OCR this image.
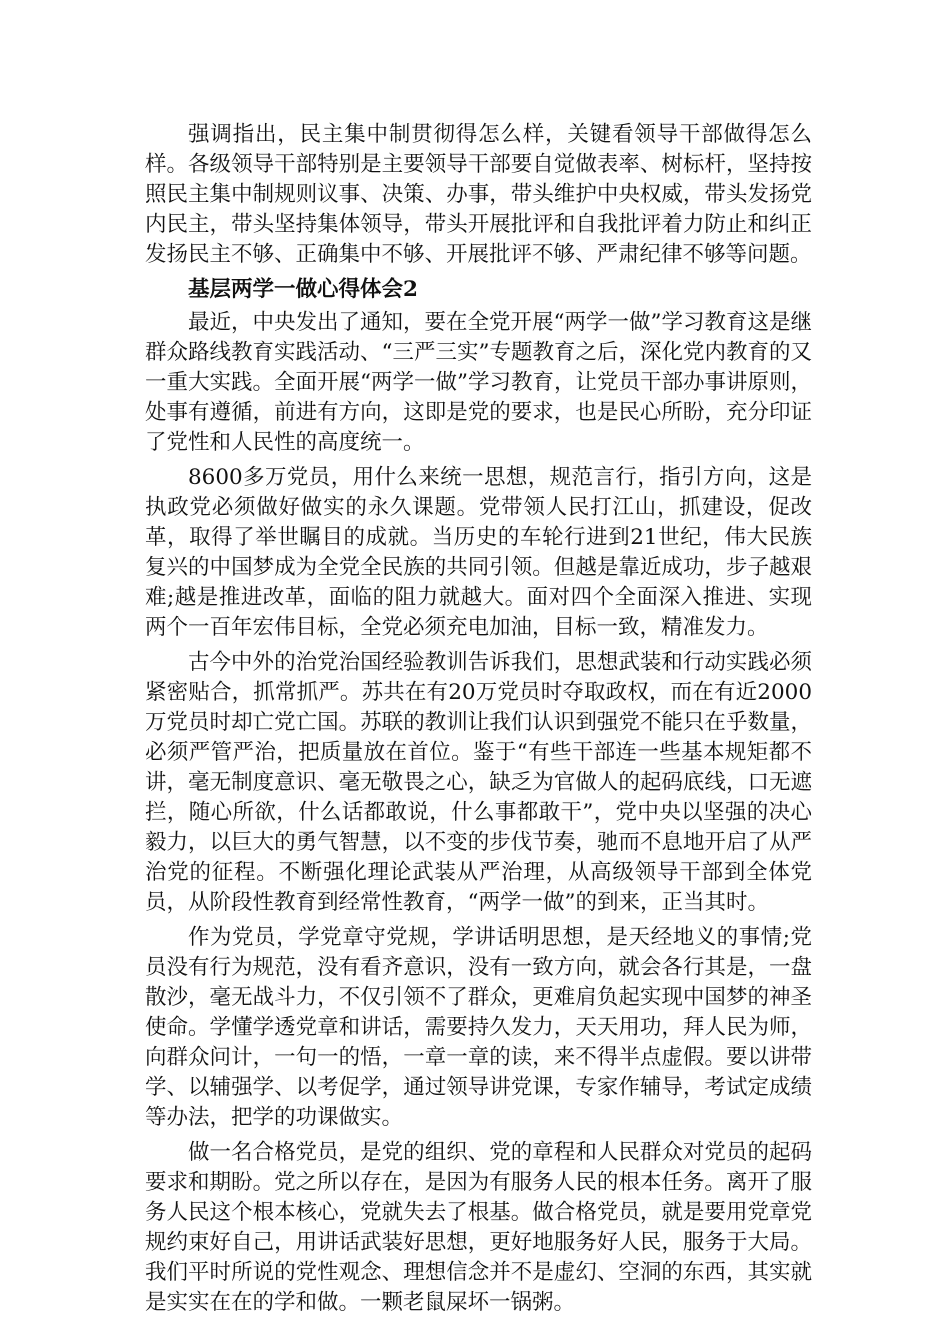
强调指出，民主集中制贯彻得怎么样，关键看领导干部做得怎么样。各级领导干部特别是主要领导干部要自觉做表率、树标杆，坚持按照民主集中制规则议事、决策、办事，带头维护中央权威，带头发扬党内民主，带头坚持集体领导，带头开展批评和自我批评着力防止和纠正发扬民主不够、正确集中不够、开展批评不够、严肃纪律不够等问题。

基层两学一做心得体会2

最近，中央发出了通知，要在全党开展“两学一做”学习教育这是继群众路线教育实践活动、“三严三实”专题教育之后，深化党内教育的又一重大实践。全面开展“两学一做”学习教育，让党员干部办事讲原则，处事有遵循，前进有方向，这即是党的要求，也是民心所盼，充分印证了党性和人民性的高度统一。

8600多万党员，用什么来统一思想，规范言行，指引方向，这是执政党必须做好做实的永久课题。党带领人民打江山，抓建设，促改革，取得了举世瞩目的成就。当历史的车轮行进到21世纪，伟大民族复兴的中国梦成为全党全民族的共同引领。但越是靠近成功，步子越艰难;越是推进改革，面临的阻力就越大。面对四个全面深入推进、实现两个一百年宏伟目标，全党必须充电加油，目标一致，精准发力。

古今中外的治党治国经验教训告诉我们，思想武装和行动实践必须紧密贴合，抓常抓严。苏共在有20万党员时夺取政权，而在有近2000万党员时却亡党亡国。苏联的教训让我们认识到强党不能只在乎数量，必须严管严治，把质量放在首位。鉴于“有些干部连一些基本规矩都不讲，毫无制度意识、毫无敬畏之心，缺乏为官做人的起码底线，口无遮拦，随心所欲，什么话都敢说，什么事都敢干”，党中央以坚强的决心毅力，以巨大的勇气智慧，以不变的步伐节奏，驰而不息地开启了从严治党的征程。不断强化理论武装从严治理，从高级领导干部到全体党员，从阶段性教育到经常性教育，“两学一做”的到来，正当其时。

作为党员，学党章守党规，学讲话明思想，是天经地义的事情;党员没有行为规范，没有看齐意识，没有一致方向，就会各行其是，一盘散沙，毫无战斗力，不仅引领不了群众，更难肩负起实现中国梦的神圣使命。学懂学透党章和讲话，需要持久发力，天天用功，拜人民为师，向群众问计，一句一的悟，一章一章的读，来不得半点虚假。要以讲带学、以辅强学、以考促学，通过领导讲党课，专家作辅导，考试定成绩等办法，把学的功课做实。

做一名合格党员，是党的组织、党的章程和人民群众对党员的起码要求和期盼。党之所以存在，是因为有服务人民的根本任务。离开了服务人民这个根本核心，党就失去了根基。做合格党员，就是要用党章党规约束好自己，用讲话武装好思想，更好地服务好人民，服务于大局。我们平时所说的党性观念、理想信念并不是虚幻、空洞的东西，其实就是实实在在的学和做。一颗老鼠屎坏一锅粥。
